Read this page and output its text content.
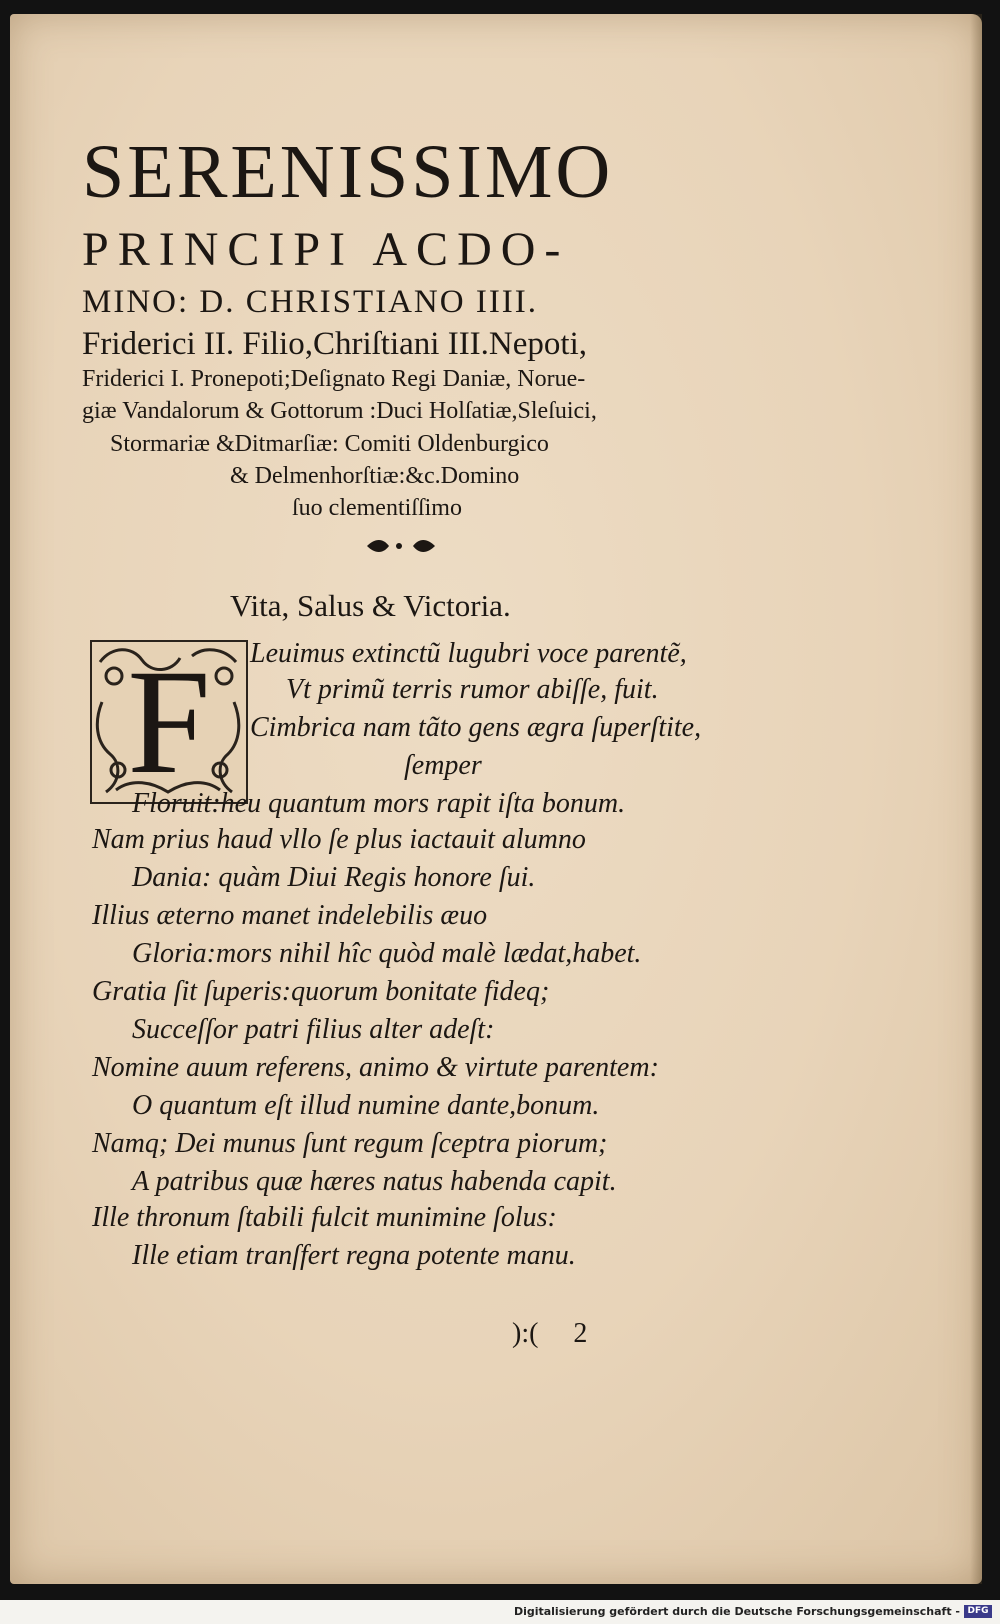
SERENISSIMO
PRINCIPI ACDO-
MINO: D. CHRISTIANO IIII.
Friderici II. Filio,Chriſtiani III.Nepoti,
Friderici I. Pronepoti;Deſignato Regi Daniæ, Norue-
giæ Vandalorum & Gottorum :Duci Holſatiæ,Sleſuici,
Stormariæ &Ditmarſiæ: Comiti Oldenburgico
& Delmenhorſtiæ:&c.Domino
ſuo clementiſſimo
Vita, Salus & Victoria.
F	Leuimus extinctũ lugubri voce parentẽ,
Vt primũ terris rumor abiſſe, fuit.
Cimbrica nam tãto gens ægra ſuperſtite,
ſemper
Floruit:heu quantum mors rapit iſta bonum.
Nam prius haud vllo ſe plus iactauit alumno
Dania: quàm Diui Regis honore ſui.
Illius æterno manet indelebilis æuo
Gloria:mors nihil hîc quòd malè lædat,habet.
Gratia ſit ſuperis:quorum bonitate fideq;
Succeſſor patri filius alter adeſt:
Nomine auum referens, animo & virtute parentem:
O quantum eſt illud numine dante,bonum.
Namq; Dei munus ſunt regum ſceptra piorum;
A patribus quæ hæres natus habenda capit.
Ille thronum ſtabili fulcit munimine ſolus:
Ille etiam tranſfert regna potente manu.
):( 2
Digitalisierung gefördert durch die Deutsche Forschungsgemeinschaft - DFG
